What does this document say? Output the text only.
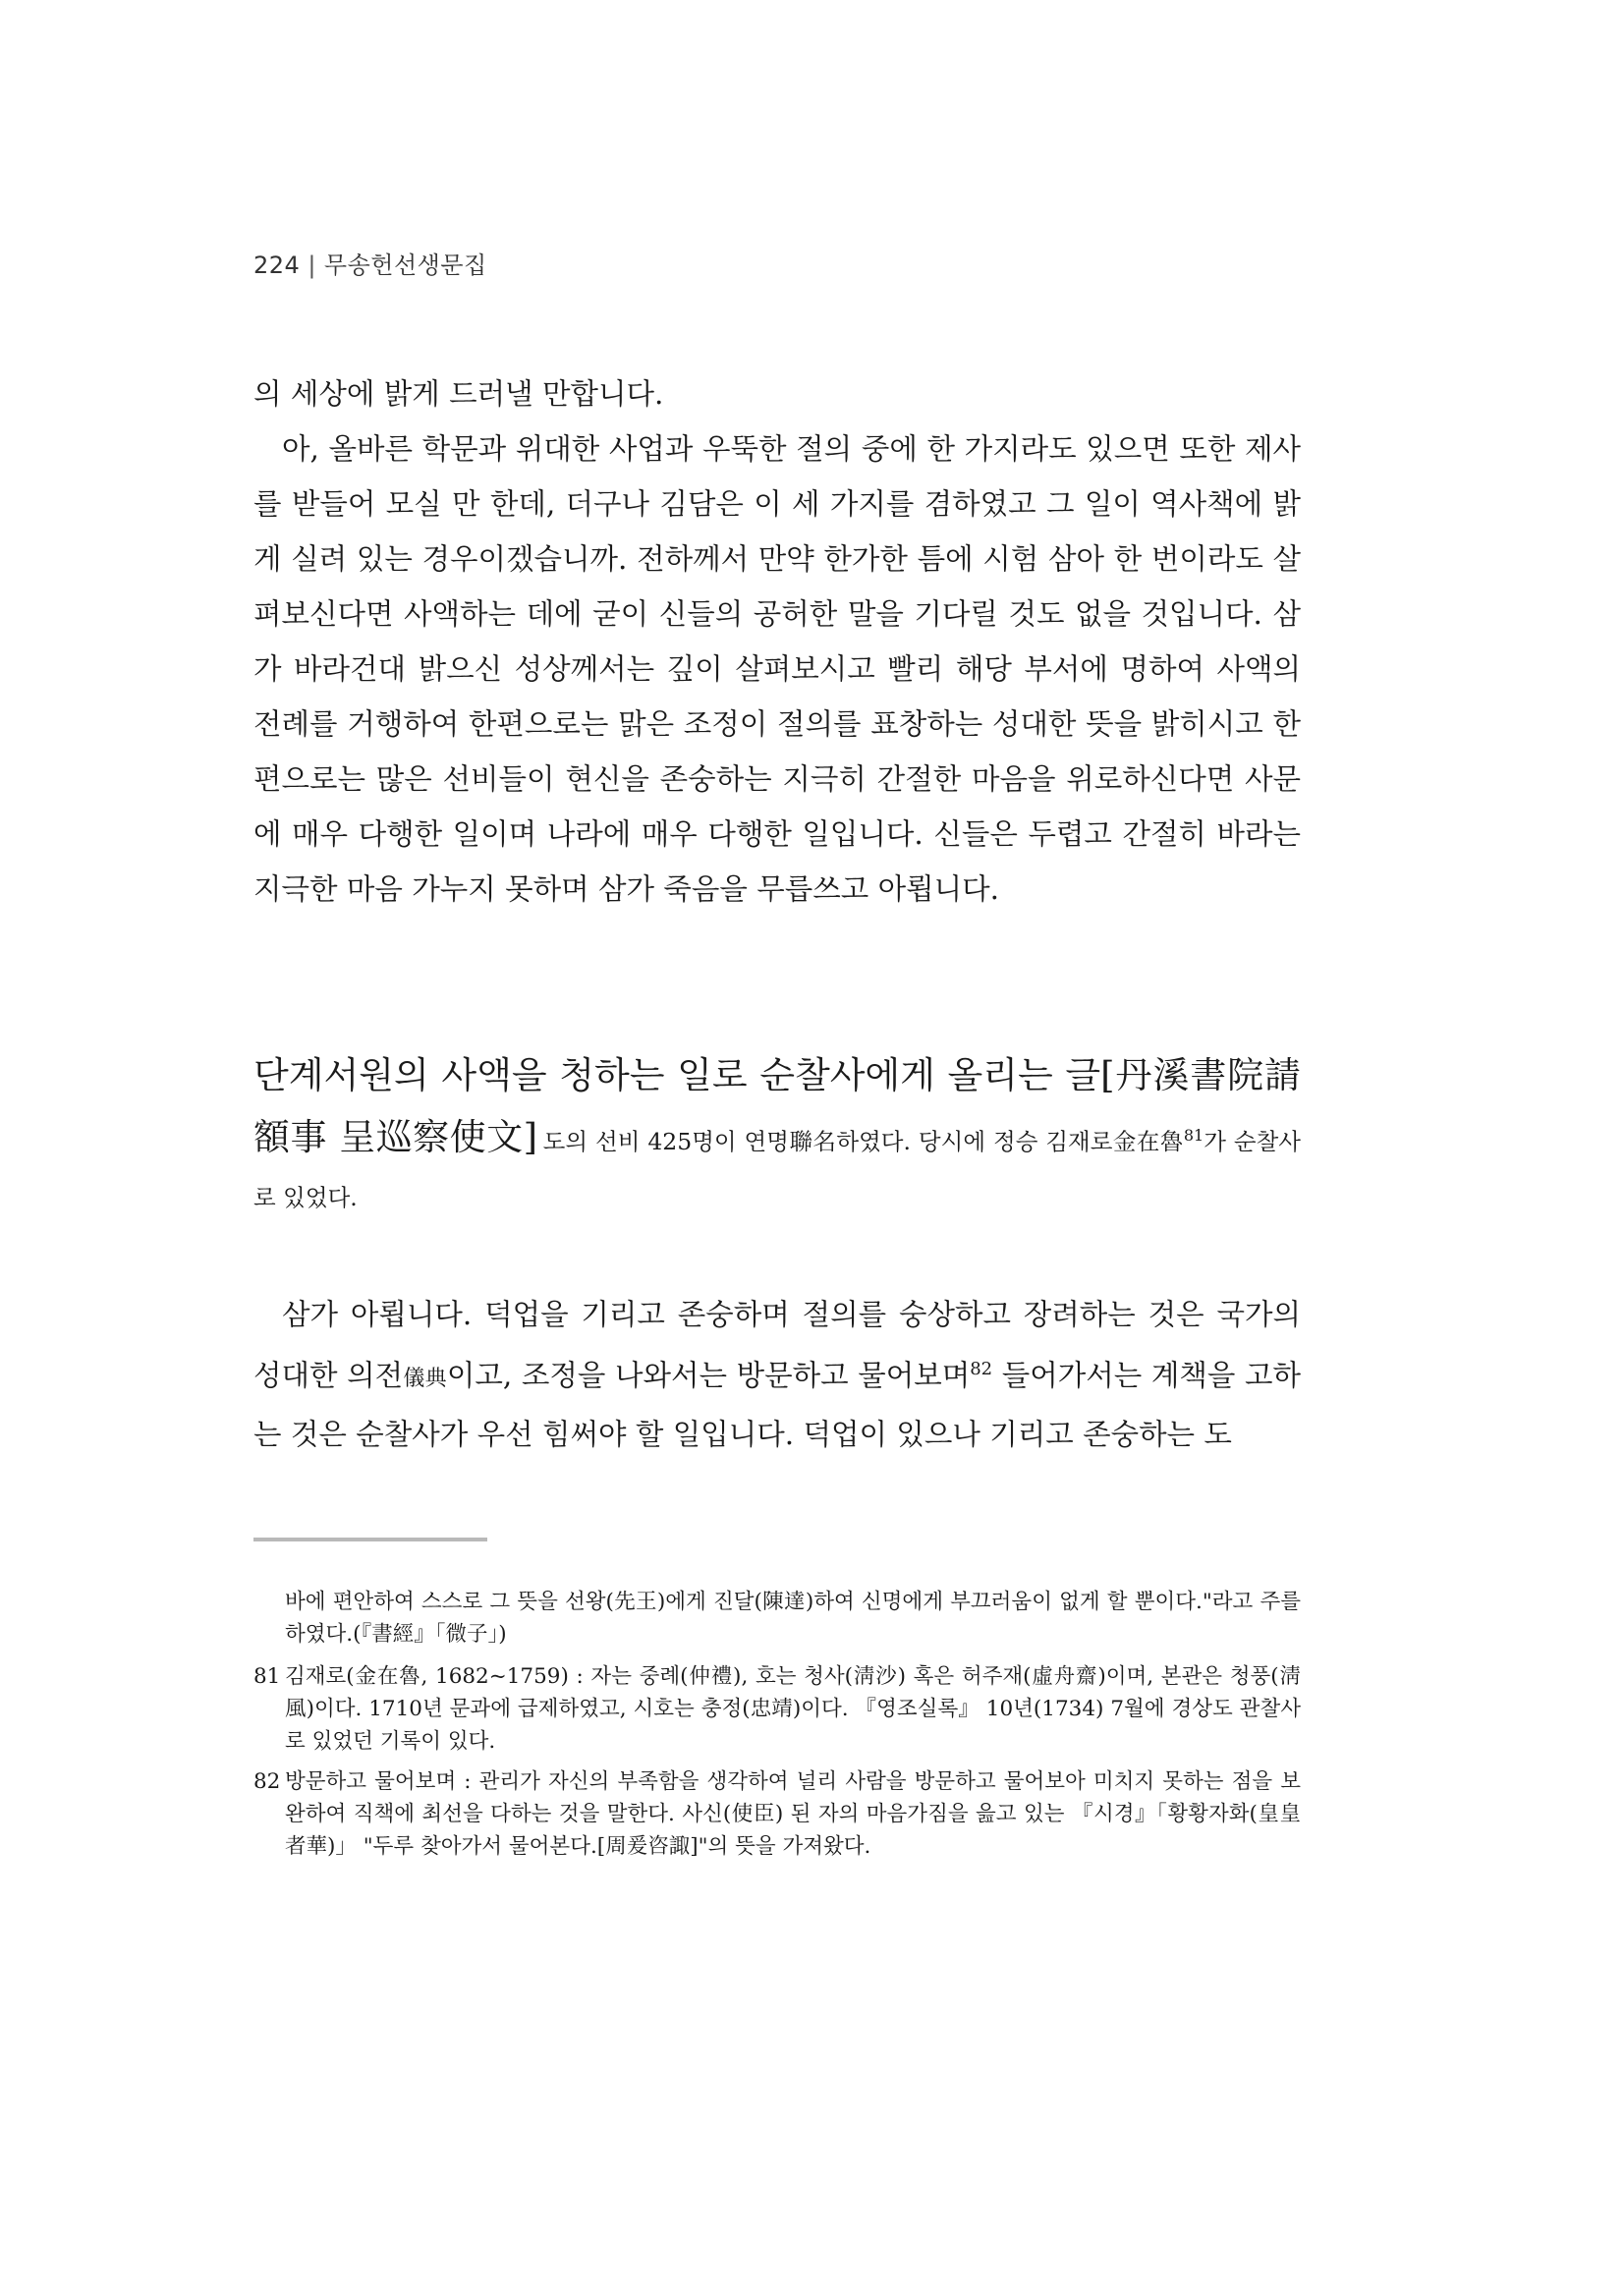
224 | 무송헌선생문집

의 세상에 밝게 드러낼 만합니다.

아, 올바른 학문과 위대한 사업과 우뚝한 절의 중에 한 가지라도 있으면 또한 제사를 받들어 모실 만 한데, 더구나 김담은 이 세 가지를 겸하였고 그 일이 역사책에 밝게 실려 있는 경우이겠습니까. 전하께서 만약 한가한 틈에 시험 삼아 한 번이라도 살펴보신다면 사액하는 데에 굳이 신들의 공허한 말을 기다릴 것도 없을 것입니다. 삼가 바라건대 밝으신 성상께서는 깊이 살펴보시고 빨리 해당 부서에 명하여 사액의 전례를 거행하여 한편으로는 맑은 조정이 절의를 표창하는 성대한 뜻을 밝히시고 한편으로는 많은 선비들이 현신을 존숭하는 지극히 간절한 마음을 위로하신다면 사문에 매우 다행한 일이며 나라에 매우 다행한 일입니다. 신들은 두렵고 간절히 바라는 지극한 마음 가누지 못하며 삼가 죽음을 무릅쓰고 아룁니다.

단계서원의 사액을 청하는 일로 순찰사에게 올리는 글[丹溪書院請額事 呈巡察使文] 도의 선비 425명이 연명聯名하였다. 당시에 정승 김재로金在魯$^{81}$가 순찰사로 있었다.

삼가 아룁니다. 덕업을 기리고 존숭하며 절의를 숭상하고 장려하는 것은 국가의 성대한 의전儀典이고, 조정을 나와서는 방문하고 물어보며$^{82}$ 들어가서는 계책을 고하는 것은 순찰사가 우선 힘써야 할 일입니다. 덕업이 있으나 기리고 존숭하는 도

바에 편안하여 스스로 그 뜻을 선왕(先王)에게 진달(陳達)하여 신명에게 부끄러움이 없게 할 뿐이다."라고 주를 하였다.(『書經』「微子」)

81 김재로(金在魯, 1682~1759) : 자는 중례(仲禮), 호는 청사(淸沙) 혹은 허주재(虛舟齋)이며, 본관은 청풍(淸風)이다. 1710년 문과에 급제하였고, 시호는 충정(忠靖)이다. 『영조실록』 10년(1734) 7월에 경상도 관찰사로 있었던 기록이 있다.
82 방문하고 물어보며 : 관리가 자신의 부족함을 생각하여 널리 사람을 방문하고 물어보아 미치지 못하는 점을 보완하여 직책에 최선을 다하는 것을 말한다. 사신(使臣) 된 자의 마음가짐을 읊고 있는 『시경』「황황자화(皇皇者華)」 "두루 찾아가서 물어본다.[周爰咨諏]"의 뜻을 가져왔다.
